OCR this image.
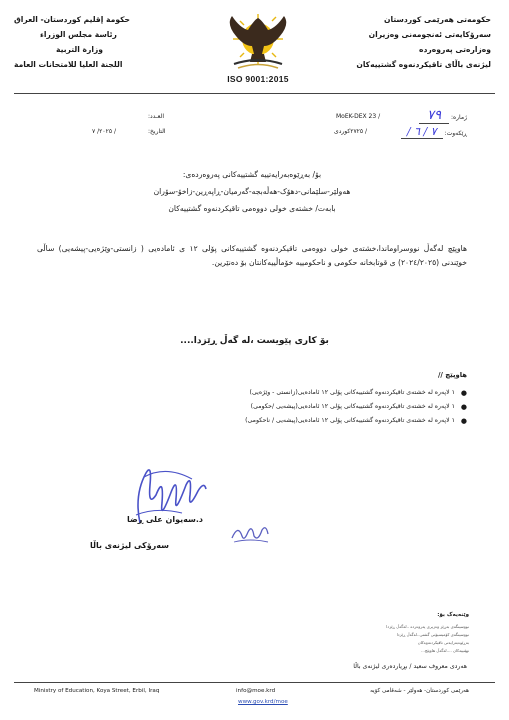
حکومەتی هەرێمی کوردستان
سەرۆکایەتی ئەنجومەنی وەزیران
وەزارەتی پەروەردە
لیژنەی باڵای تاقیکردنەوە گشتییەکان
حكومة إقليم كوردستان- العراق
رئاسة مجلس الوزراء
وزارة التربية
اللجنة العليا للامتحانات العامة
ISO 9001:2015
ژمارە: ٧٩
MoEK-DEX 23 /
ڕێکەوت: ٧ / ٦ /
/ ٢٧٢٥کوردی
العـدد:
التاريخ:
٢٠٢٥/ ٧ /
بۆ/ بەڕێوەبەرایەتییە گشتییەکانی پەروەردەی:
هەولێر-سلێمانی-دهۆک-هەڵەبجە-گەرمیان-ڕاپەڕین-زاخۆ-سۆران
بابەت/ خشتەی خولی دووەمی تاقیکردنەوە گشتییەکان
هاوپێچ لەگەڵ نووسراوماندا،خشتەی خولی دووەمی تاقیکردنەوە گشتییەکانی پۆلی ١٢ ی ئامادەیی ( زانستی-وێژەیی-پیشەیی) ساڵی خوێندنی (٢٠٢٤/٢٠٢٥) ی قوتابخانە حکومی و ناحکومییە خۆماڵییەکانتان بۆ دەنێرین.
بۆ کاری پێویست ،لە گەڵ ڕێزدا....
هاوپێچ //
●
١ لاپەرە لە خشتەی تاقیکردنەوە گشتییەکانی پۆلی ١٢ ئامادەیی(زانستی - وێژەیی)
●
١ لاپەرە لە خشتەی تاقیکردنەوە گشتییەکانی پۆلی ١٢ ئامادەیی(پیشەیی /حکومی)
●
١ لاپەرە لە خشتەی تاقیکردنەوە گشتییەکانی پۆلی ١٢ ئامادەیی(پیشەیی / ناحکومی)
د.سەیوان علی ڕضا
سەرۆکی لیژنەی باڵا
وێنەیەک بۆ:
نووسینگەی بەڕێز وەزیری پەروەردە ..لەگەڵ ڕێزدا
نووسینگەی کۆمیسیۆنی گشتی..لەگەڵ ڕێزدا
بەڕێوەبەرایەتی تاقیکردنەوەکان
نهێنییەکان ....لەگەڵ هاوپێچ...
هەردی معروف سعید / بڕیاردەری لیژنەی باڵا
Ministry of Education, Koya Street, Erbil, Iraq	info@moe.krd
www.gov.krd/moe
هەرێمی کوردستان- هەولێر - شەقامی کۆیە
